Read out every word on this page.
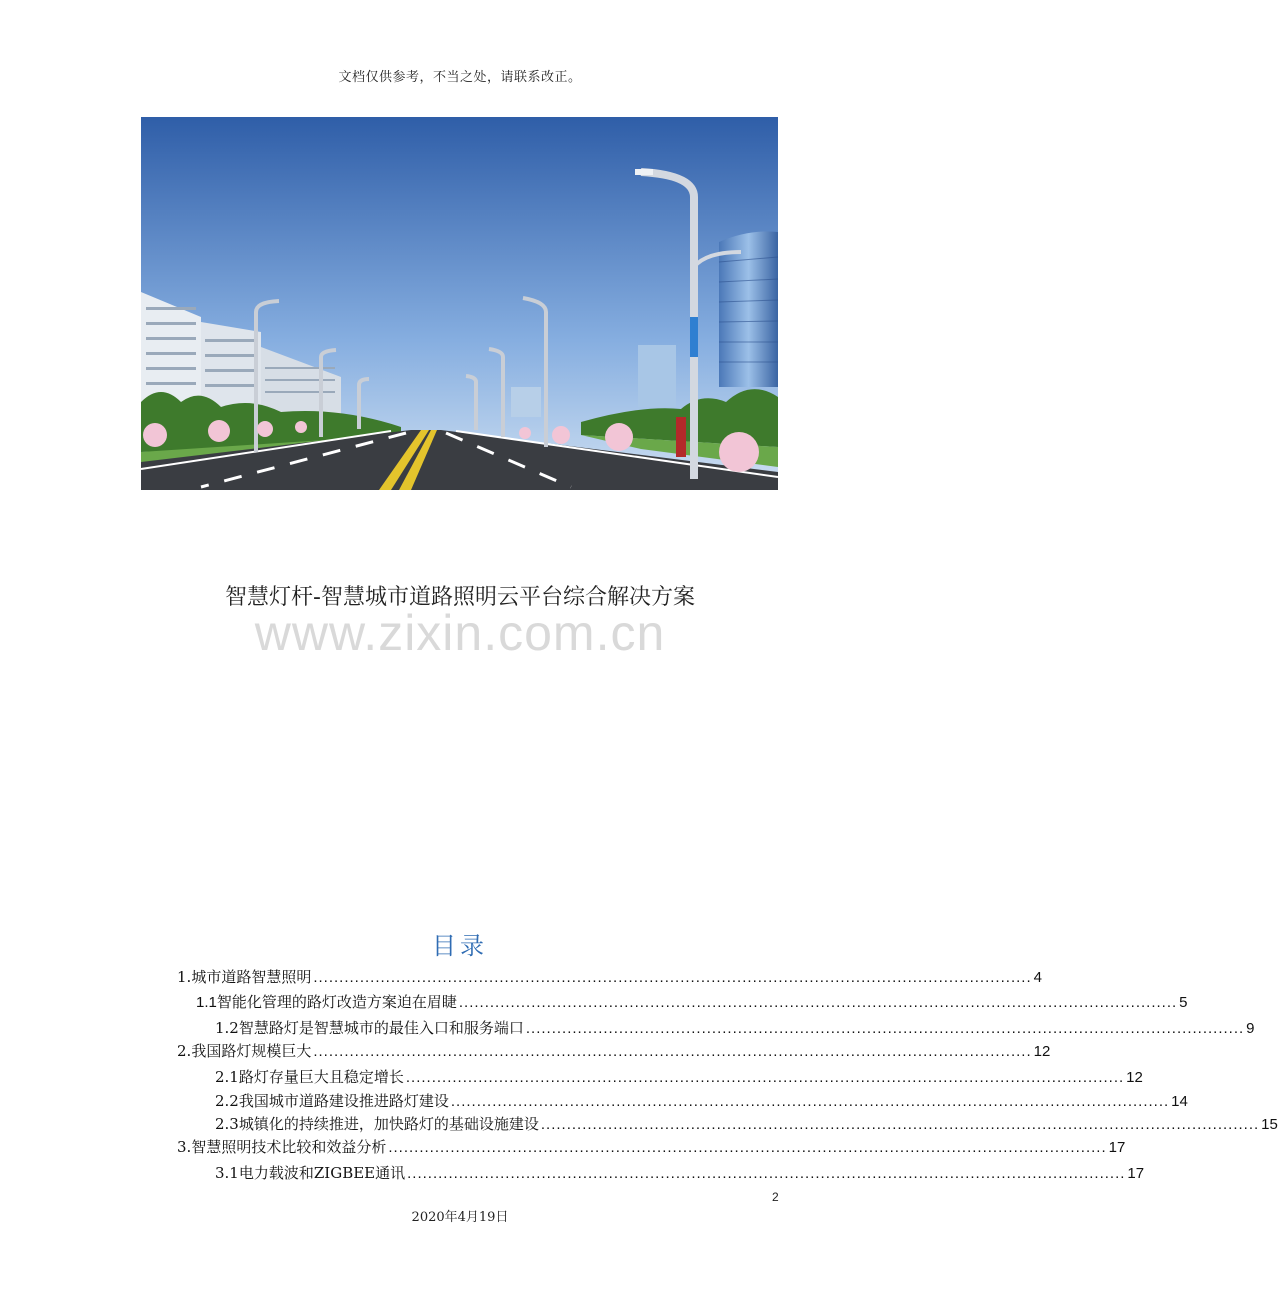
文档仅供参考，不当之处，请联系改正。
智慧灯杆-智慧城市道路照明云平台综合解决方案
www.zixin.com.cn
目录
1. 城市道路智慧照明 ........................................................................................................................................... 4
1.1 智能化管理的路灯改造方案迫在眉睫 ........................................................................................................................................... 5
1.2 智慧路灯是智慧城市的最佳入口和服务端口 ........................................................................................................................................... 9
2. 我国路灯规模巨大 ........................................................................................................................................... 12
2.1 路灯存量巨大且稳定增长 ........................................................................................................................................... 12
2.2 我国城市道路建设推进路灯建设 ........................................................................................................................................... 14
2.3 城镇化的持续推进，加快路灯的基础设施建设 ........................................................................................................................................... 15
3. 智慧照明技术比较和效益分析 ........................................................................................................................................... 17
3.1 电力载波和ZIGBEE通讯 ........................................................................................................................................... 17
2
2020年4月19日
